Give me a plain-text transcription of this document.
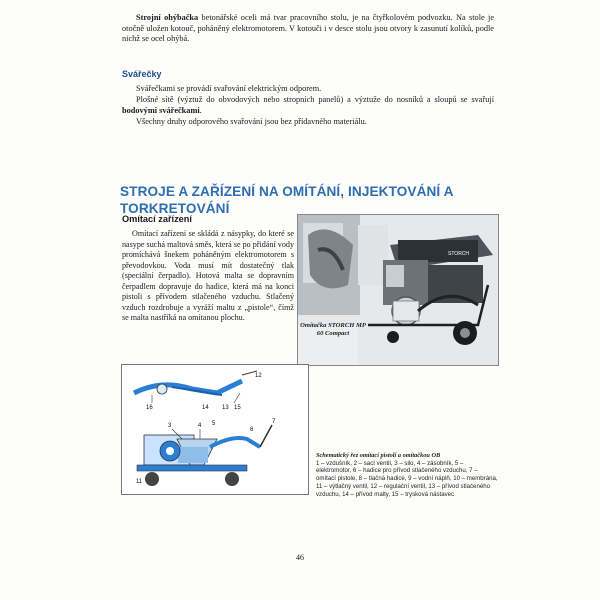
Strojní ohýbačka betonářské oceli má tvar pracovního stolu, je na čtyřkolovém podvozku. Na stole je otočně uložen kotouč, poháněný elektromotorem. V kotouči i v desce stolu jsou otvory k zasunutí kolíků, podle nichž se ocel ohýbá.

Svářečky

Svářečkami se provádí svařování elektrickým odporem.

Plošné sítě (výztuž do obvodových nebo stropních panelů) a výztuže do nosníků a sloupů se svařují bodovými svářečkami.

Všechny druhy odporového svařování jsou bez přídavného materiálu.

STROJE A ZAŘÍZENÍ NA OMÍTÁNÍ, INJEKTOVÁNÍ A TORKRETOVÁNÍ
Omítací zařízení

Omítací zařízení se skládá z násypky, do které se nasype suchá maltová směs, která se po přidání vody promíchává šnekem poháněným elektromotorem s převodovkou. Voda musí mít dostatečný tlak (speciální čerpadlo). Hotová malta se dopravním čerpadlem dopravuje do hadice, která má na konci pistoli s přívodem stlačeného vzduchu. Stlačený vzduch rozdrobuje a vyráží maltu z „pistole“, čímž se malta nastříká na omítanou plochu.

STORCH
Omítačka STORCH MP 60 Compact
12
16	14 13 15
3	4 5
6
7
11
Schematický řez omítací pistolí a omítačkou OB
1 – vzdušník, 2 – sací ventil, 3 – silo, 4 – zásobník, 5 – elektromotor, 6 – hadice pro přívod stlačeného vzduchu, 7 – omítací pistole, 8 – tlačná hadice, 9 – vodní náplň, 10 – membrána, 11 – výtlačný ventil, 12 – regulační ventil, 13 – přívod stlačeného vzduchu, 14 – přívod malty, 15 – trysková nástavec
46
